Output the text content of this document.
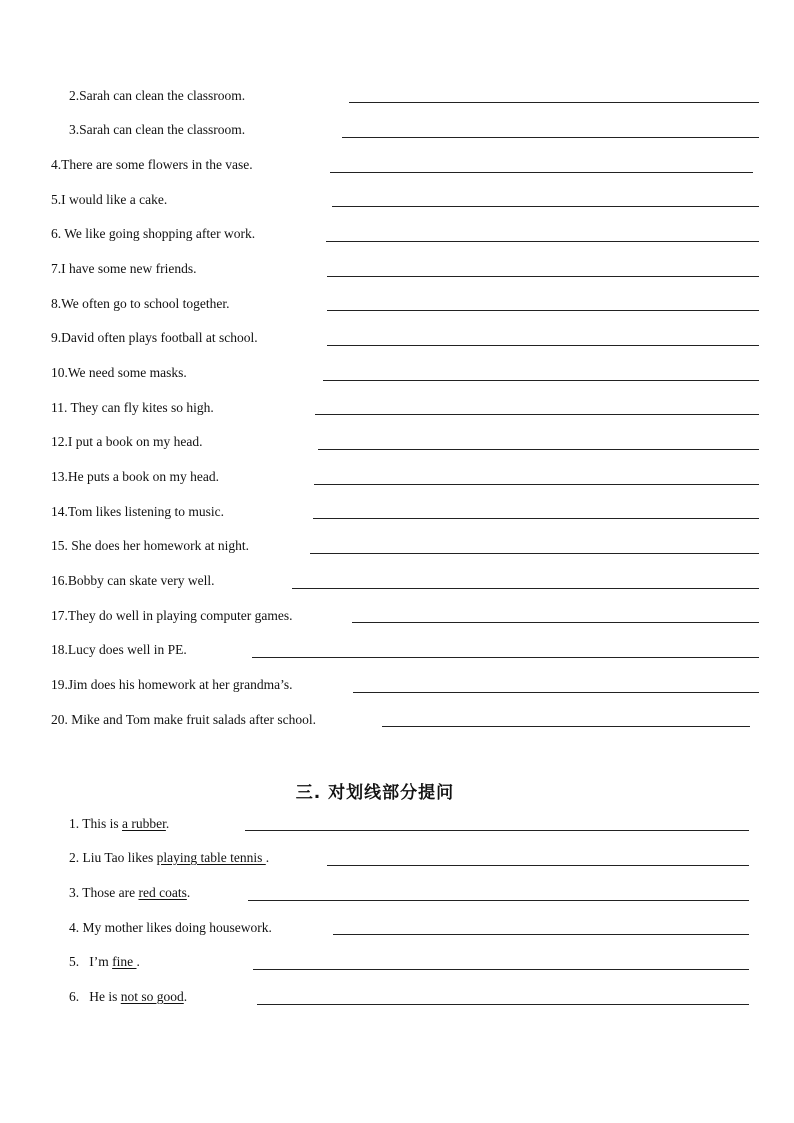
2.Sarah can clean the classroom.
3.Sarah can clean the classroom.
4.There are some flowers in the vase.
5.I would like a cake.
6. We like going shopping after work.
7.I have some new friends.
8.We often go to school together.
9.David often plays football at school.
10.We need some masks.
11. They can fly kites so high.
12.I put a book on my head.
13.He puts a book on my head.
14.Tom likes listening to music.
15. She does her homework at night.
16.Bobby can skate very well.
17.They do well in playing computer games.
18.Lucy does well in PE.
19.Jim does his homework at her grandma’s.
20. Mike and Tom make fruit salads after school.
三. 对划线部分提问
1. This is a rubber.
2. Liu Tao likes playing table tennis .
3. Those are red coats.
4. My mother likes doing housework.
5.   I’m fine .
6.   He is not so good.
